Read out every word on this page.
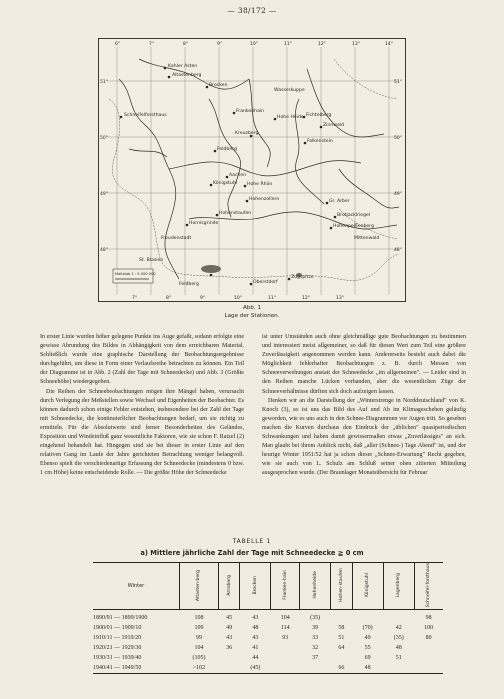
— 38/172 —
6°	7°	8°	9°	10°	11°	12°	13°	14°
7°	8°	9°	10°	11°	12°	13°
51°
50°
49°
48°
51°
50°
49°
48°
Kahler Asten
Altastenberg
Brocken
Schneifelforsthaus
Frankenhain
Hohe Heide Fichtelberg
Zinnwald
Kreuzberg
Falkenstein
Feldberg
Aachen
Königstuhl Hohe Rhön
Hohenstaufen
Hornisgrinde
Hohenzollern	Gr. Arber
Brotjacklriegel
Hohenpeißenberg
Oberstdorf
Feldberg
Zugspitze
Freudenstadt	Mittenwald
St. Blasien
Wasserkuppe
Maßstab 1 : 5 000 000
Abb. 1
Lage der Stationen.

In erster Linie wurden höher gelegene Punkte ins Auge gefaßt, sodann erfolgte eine gewisse Abrundung des Bildes in Abhängigkeit von dem erreichbaren Material. Schließlich wurde eine graphische Darstellung der Beobachtungsergebnisse durchgeführt, um diese in Form einer Verlaufsreihe betrachten zu können. Ein Teil der Diagramme ist in Abb. 2 (Zahl der Tage mit Schneedecke) und Abb. 3 (Größte Schneehöhe) wiedergegeben.

Die Reihen der Schneebeobachtungen mögen ihre Mängel haben, verursacht durch Verlegung der Meßstellen sowie Wechsel und Eigenheiten der Beobachter. Es können dadurch schon einige Fehler entstehen, insbesondere bei der Zahl der Tage mit Schneedecke, die kontinuierlicher Beobachtungen bedarf, um sie richtig zu ermitteln. Für die Absolutwerte sind ferner Besonderheiten des Geländes, Exposition und Windeinfluß ganz wesentliche Faktoren, wie sie schon F. Ratzel (2) eingehend behandelt hat. Hingegen sind sie bei dieser in erster Linie auf den relativen Gang im Laufe der Jahre gerichteten Betrachtung weniger belangvoll. Ebenso spielt die verschiedenartige Erfassung der Schneedecke (mindestens 0 bzw. 1 cm Höhe) keine entscheidende Rolle. — Die größte Höhe der Schneedecke

ist unter Umständen auch ohne gleichmäßige gute Beobachtungen zu bestimmen und interessiert meist allgemeiner, so daß für diesen Wert zum Teil eine größere Zuverlässigkeit angenommen werden kann. Andererseits besteht auch dabei die Möglichkeit fehlerhafter Beobachtungen z. B. durch Messen von Schneeverwehungen anstatt der Schneedecke „im allgemeinen". — Leider sind in den Reihen manche Lücken vorhanden, aber die wesentlichen Züge der Schneeverhältnisse dürften sich doch aufzeigen lassen.

Denken wir an die Darstellung der „Winterstrenge in Norddeutschland" von K. Knoch (3), so ist uns das Bild des Auf und Ab im Klimageschehen geläufig geworden, wie es uns auch in den Schnee-Diagrammen vor Augen tritt. So gesehen machen die Kurven durchaus den Eindruck der „üblichen" quasiperiodischen Schwankungen und haben damit gewissermaßen etwas „Zuverlässiges" an sich. Man glaubt bei ihrem Anblick nicht, daß „aller (Schnee-) Tage Abend" ist, und der heurige Winter 1951/52 hat ja schon dieser „Schnee-Erwartung" Recht gegeben, wie sie auch von L. Schulz am Schluß seiner oben zitierten Mitteilung ausgesprochen wurde. (Der Braunlager Monatsübersicht für Februar

TABELLE 1
a) Mittlere jährliche Zahl der Tage mit Schneedecke ≧ 0 cm
Winter	Altasten-berg	Arnsberg	Brocken	Franken-hain	Hohenheide	Hohen-staufen	Königstuhl	Lagenberg	Schneifel-forsthaus
1890/91 — 1899/1900	108	45	43	104	(35)				98
1900/01 — 1909/10	109	49	48	114	39	58	(70)	42	100
1910/11 — 1919/20	99	43	43	93	33	51	49	(35)	80
1920/21 — 1929/30	104	36	41		32	64	55	48	
1930/31 — 1939/40	(105)		44		37		69	51	
1940/41 — 1949/50	>102		(45)			66	48		
